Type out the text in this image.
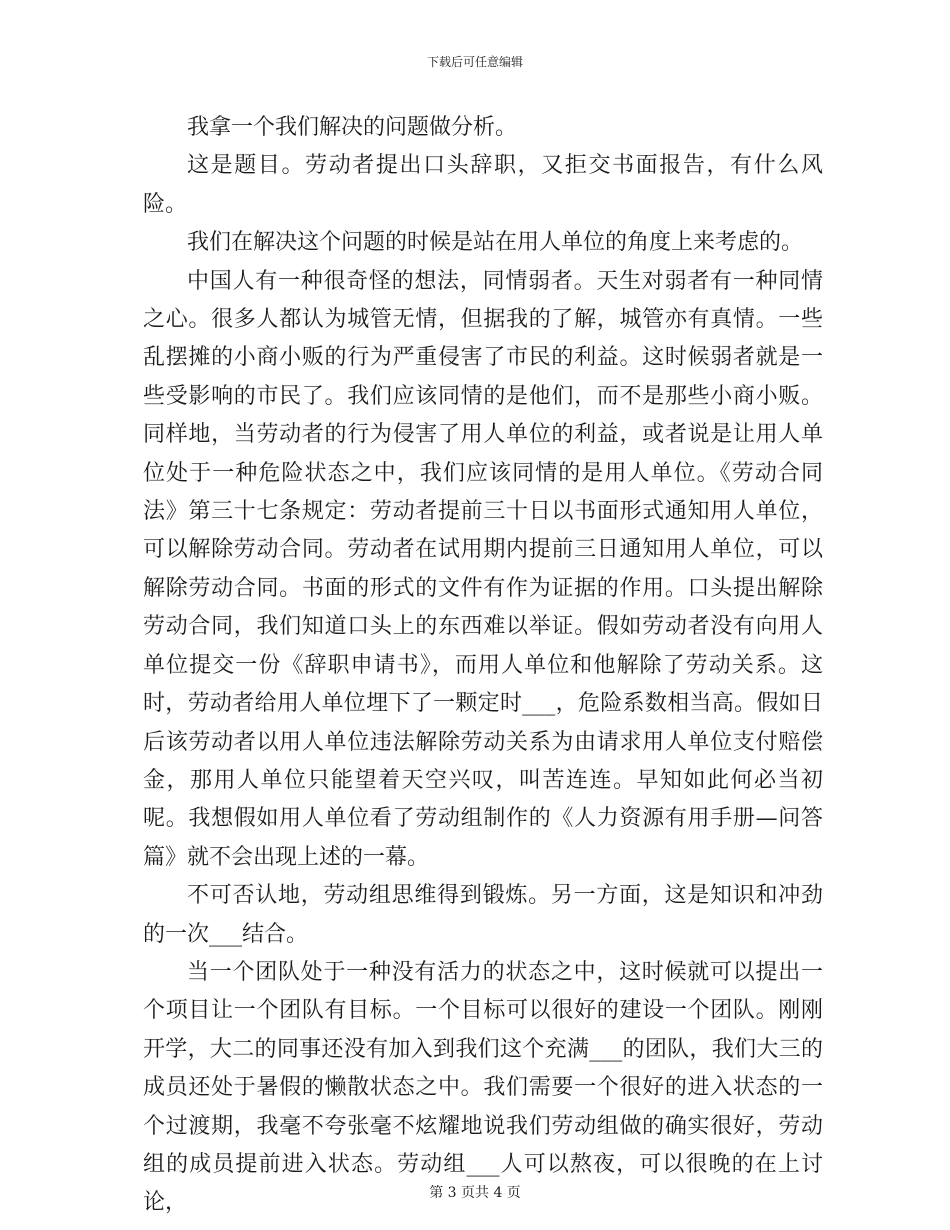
下载后可任意编辑

我拿一个我们解决的问题做分析。

这是题目。劳动者提出口头辞职，又拒交书面报告，有什么风险。

我们在解决这个问题的时候是站在用人单位的角度上来考虑的。

中国人有一种很奇怪的想法，同情弱者。天生对弱者有一种同情之心。很多人都认为城管无情，但据我的了解，城管亦有真情。一些乱摆摊的小商小贩的行为严重侵害了市民的利益。这时候弱者就是一些受影响的市民了。我们应该同情的是他们，而不是那些小商小贩。同样地，当劳动者的行为侵害了用人单位的利益，或者说是让用人单位处于一种危险状态之中，我们应该同情的是用人单位。《劳动合同法》第三十七条规定：劳动者提前三十日以书面形式通知用人单位，可以解除劳动合同。劳动者在试用期内提前三日通知用人单位，可以解除劳动合同。书面的形式的文件有作为证据的作用。口头提出解除劳动合同，我们知道口头上的东西难以举证。假如劳动者没有向用人单位提交一份《辞职申请书》，而用人单位和他解除了劳动关系。这时，劳动者给用人单位埋下了一颗定时___，危险系数相当高。假如日后该劳动者以用人单位违法解除劳动关系为由请求用人单位支付赔偿金，那用人单位只能望着天空兴叹，叫苦连连。早知如此何必当初呢。我想假如用人单位看了劳动组制作的《人力资源有用手册—问答篇》就不会出现上述的一幕。

不可否认地，劳动组思维得到锻炼。另一方面，这是知识和冲劲的一次___结合。

当一个团队处于一种没有活力的状态之中，这时候就可以提出一个项目让一个团队有目标。一个目标可以很好的建设一个团队。刚刚开学，大二的同事还没有加入到我们这个充满___的团队，我们大三的成员还处于暑假的懒散状态之中。我们需要一个很好的进入状态的一个过渡期，我毫不夸张毫不炫耀地说我们劳动组做的确实很好，劳动组的成员提前进入状态。劳动组___人可以熬夜，可以很晚的在上讨论，	第 3 页共 4 页
